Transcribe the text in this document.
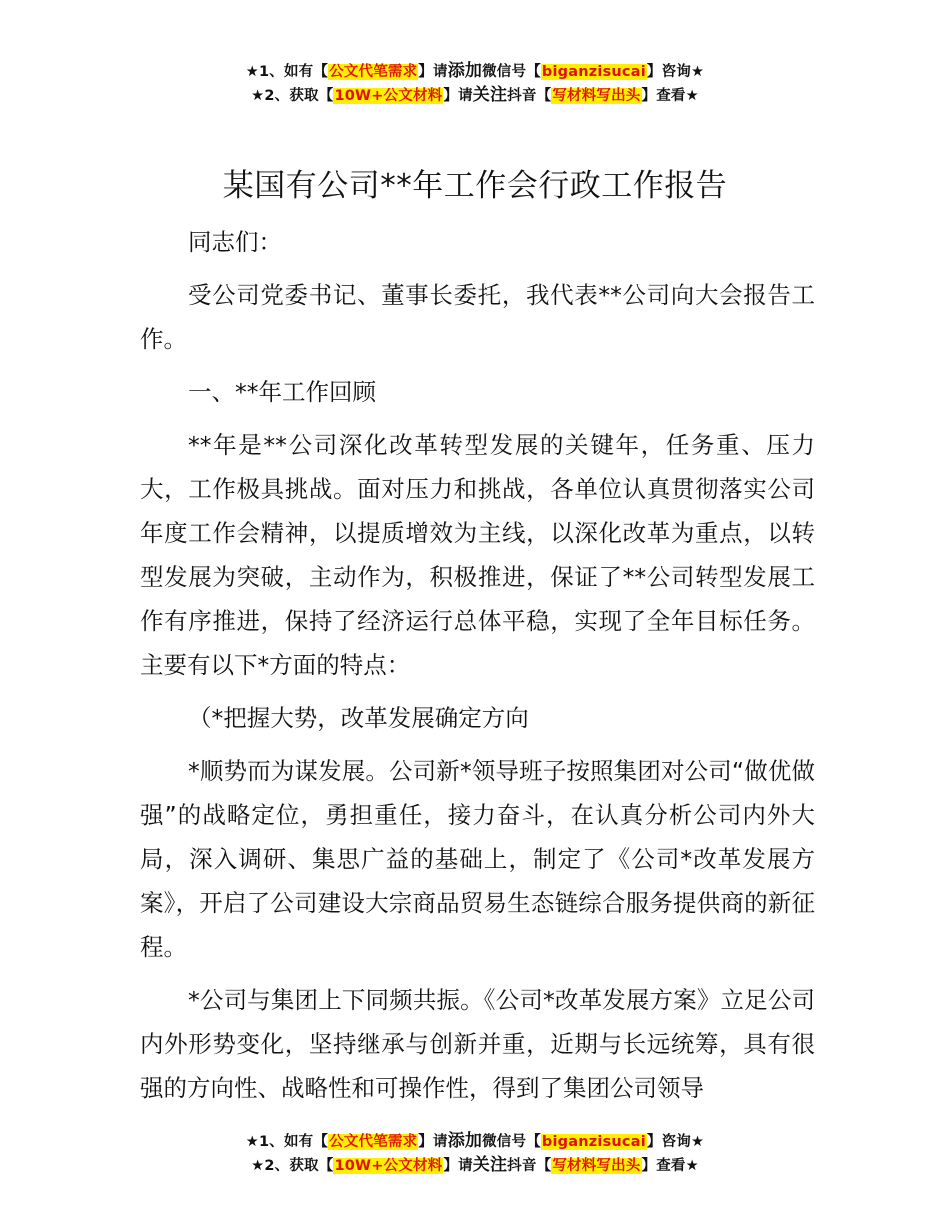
★1、如有【公文代笔需求】请添加微信号【biganzisucai】咨询★
★2、获取【10W+公文材料】请关注抖音【写材料写出头】查看★
某国有公司**年工作会行政工作报告

同志们：

受公司党委书记、董事长委托，我代表**公司向大会报告工作。

一、**年工作回顾

**年是**公司深化改革转型发展的关键年，任务重、压力大，工作极具挑战。面对压力和挑战，各单位认真贯彻落实公司年度工作会精神，以提质增效为主线，以深化改革为重点，以转型发展为突破，主动作为，积极推进，保证了**公司转型发展工作有序推进，保持了经济运行总体平稳，实现了全年目标任务。主要有以下*方面的特点：

（*把握大势，改革发展确定方向

*顺势而为谋发展。公司新*领导班子按照集团对公司“做优做强”的战略定位，勇担重任，接力奋斗，在认真分析公司内外大局，深入调研、集思广益的基础上，制定了《公司*改革发展方案》，开启了公司建设大宗商品贸易生态链综合服务提供商的新征程。

*公司与集团上下同频共振。《公司*改革发展方案》立足公司内外形势变化，坚持继承与创新并重，近期与长远统筹，具有很强的方向性、战略性和可操作性，得到了集团公司领导

★1、如有【公文代笔需求】请添加微信号【biganzisucai】咨询★
★2、获取【10W+公文材料】请关注抖音【写材料写出头】查看★
